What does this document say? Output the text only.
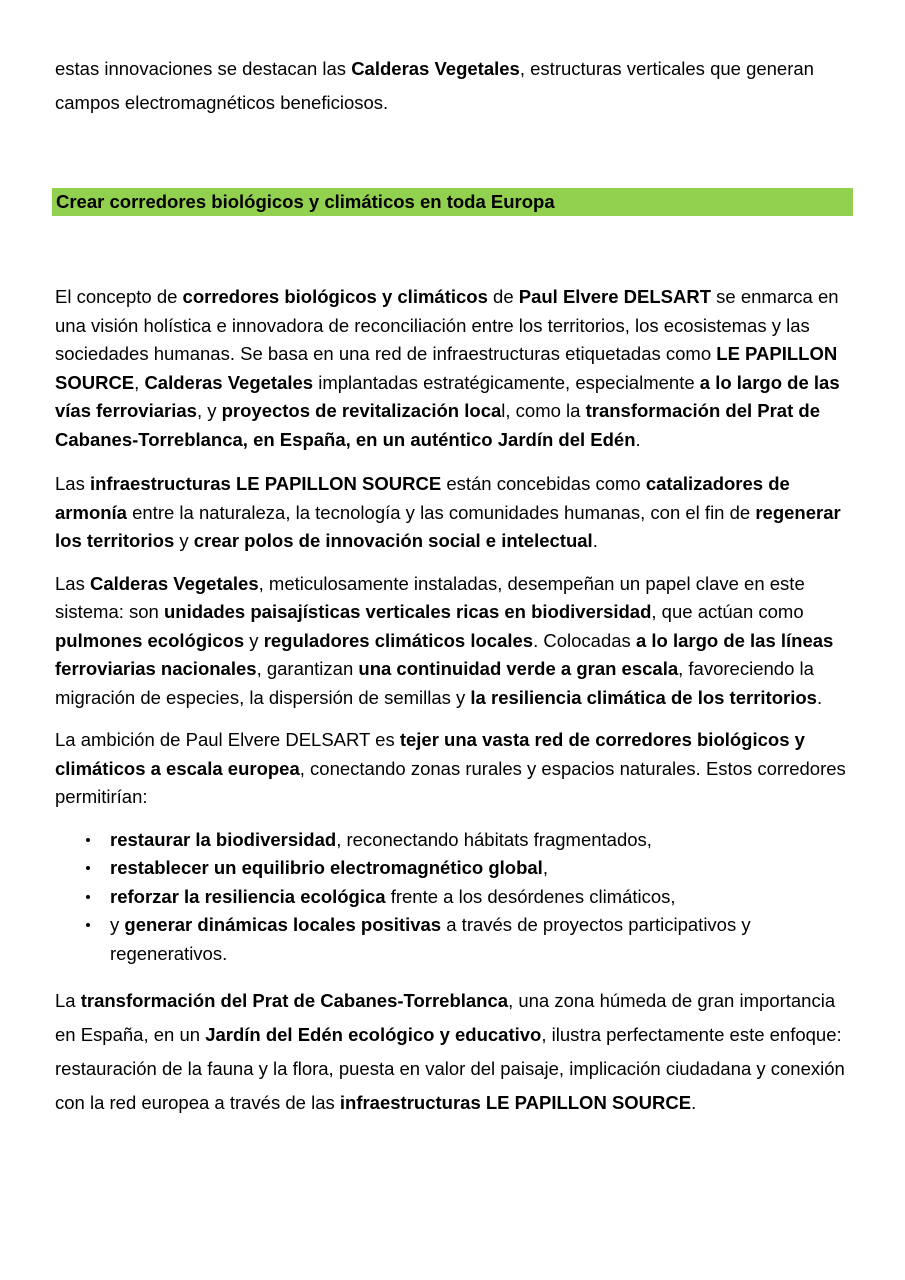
estas innovaciones se destacan las Calderas Vegetales, estructuras verticales que generan campos electromagnéticos beneficiosos.

Crear corredores biológicos y climáticos en toda Europa

El concepto de corredores biológicos y climáticos de Paul Elvere DELSART se enmarca en una visión holística e innovadora de reconciliación entre los territorios, los ecosistemas y las sociedades humanas. Se basa en una red de infraestructuras etiquetadas como LE PAPILLON SOURCE, Calderas Vegetales implantadas estratégicamente, especialmente a lo largo de las vías ferroviarias, y proyectos de revitalización local, como la transformación del Prat de Cabanes-Torreblanca, en España, en un auténtico Jardín del Edén.

Las infraestructuras LE PAPILLON SOURCE están concebidas como catalizadores de armonía entre la naturaleza, la tecnología y las comunidades humanas, con el fin de regenerar los territorios y crear polos de innovación social e intelectual.

Las Calderas Vegetales, meticulosamente instaladas, desempeñan un papel clave en este sistema: son unidades paisajísticas verticales ricas en biodiversidad, que actúan como pulmones ecológicos y reguladores climáticos locales. Colocadas a lo largo de las líneas ferroviarias nacionales, garantizan una continuidad verde a gran escala, favoreciendo la migración de especies, la dispersión de semillas y la resiliencia climática de los territorios.

La ambición de Paul Elvere DELSART es tejer una vasta red de corredores biológicos y climáticos a escala europea, conectando zonas rurales y espacios naturales. Estos corredores permitirían:

restaurar la biodiversidad, reconectando hábitats fragmentados,
restablecer un equilibrio electromagnético global,
reforzar la resiliencia ecológica frente a los desórdenes climáticos,
y generar dinámicas locales positivas a través de proyectos participativos y regenerativos.

La transformación del Prat de Cabanes-Torreblanca, una zona húmeda de gran importancia en España, en un Jardín del Edén ecológico y educativo, ilustra perfectamente este enfoque: restauración de la fauna y la flora, puesta en valor del paisaje, implicación ciudadana y conexión con la red europea a través de las infraestructuras LE PAPILLON SOURCE.
